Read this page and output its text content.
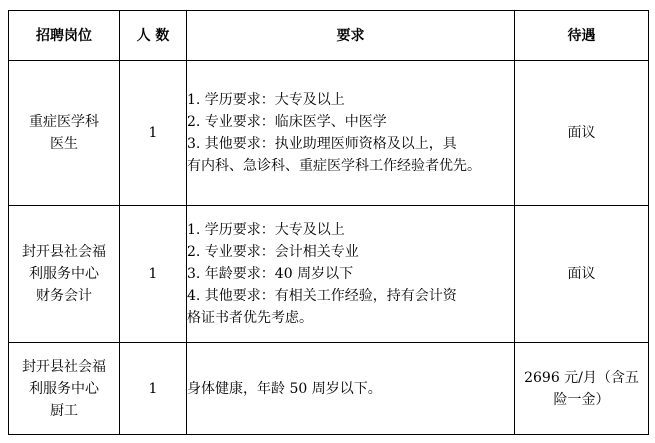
招聘岗位	人 数	要求	待遇

重症医学科
医生	1	1. 学历要求：大专及以上
2. 专业要求：临床医学、中医学
3. 其他要求：执业助理医师资格及以上，具
有内科、急诊科、重症医学科工作经验者优先。	面议

封开县社会福
利服务中心
财务会计	1	1. 学历要求：大专及以上
2. 专业要求：会计相关专业
3. 年龄要求：40 周岁以下
4. 其他要求：有相关工作经验，持有会计资
格证书者优先考虑。	面议

封开县社会福
利服务中心
厨工	1	身体健康，年龄 50 周岁以下。	2696 元/月（含五
险一金）
